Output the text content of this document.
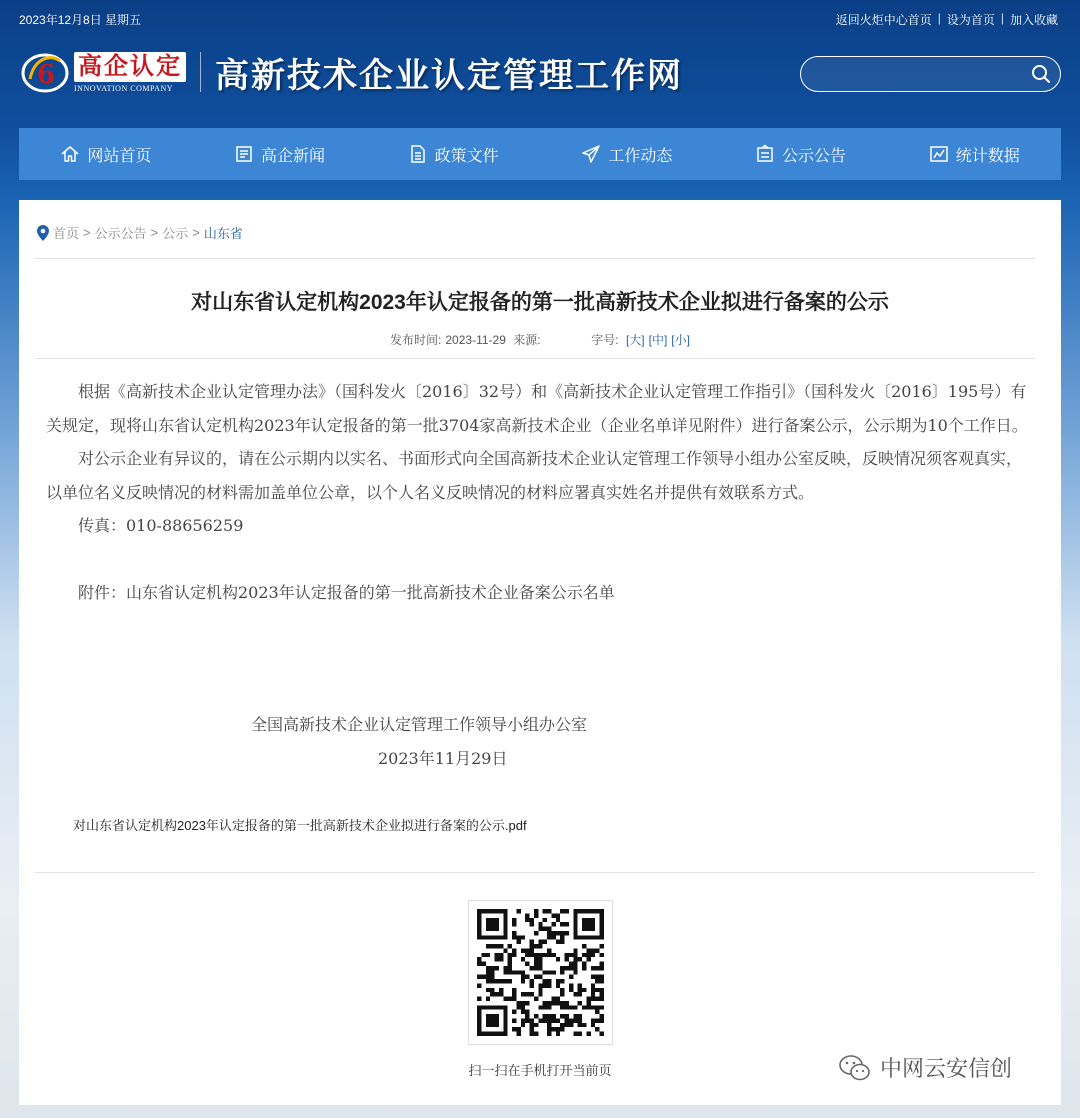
2023年12月8日 星期五	返回火炬中心首页 | 设为首页 | 加入收藏
6 高企认定
INNOVATION COMPANY	高新技术企业认定管理工作网
网站首页	高企新闻	政策文件	工作动态	公示公告	统计数据
首页 > 公示公告 > 公示 > 山东省
对山东省认定机构2023年认定报备的第一批高新技术企业拟进行备案的公示
发布时间: 2023-11-29 来源:	字号: [大] [中] [小]

根据《高新技术企业认定管理办法》（国科发火〔2016〕32号）和《高新技术企业认定管理工作指引》（国科发火〔2016〕195号）有关规定，现将山东省认定机构2023年认定报备的第一批3704家高新技术企业（企业名单详见附件）进行备案公示，公示期为10个工作日。

对公示企业有异议的，请在公示期内以实名、书面形式向全国高新技术企业认定管理工作领导小组办公室反映，反映情况须客观真实，以单位名义反映情况的材料需加盖单位公章，以个人名义反映情况的材料应署真实姓名并提供有效联系方式。

传真：010-88656259

附件：山东省认定机构2023年认定报备的第一批高新技术企业备案公示名单

全国高新技术企业认定管理工作领导小组办公室
2023年11月29日
对山东省认定机构2023年认定报备的第一批高新技术企业拟进行备案的公示.pdf
扫一扫在手机打开当前页	中网云安信创
